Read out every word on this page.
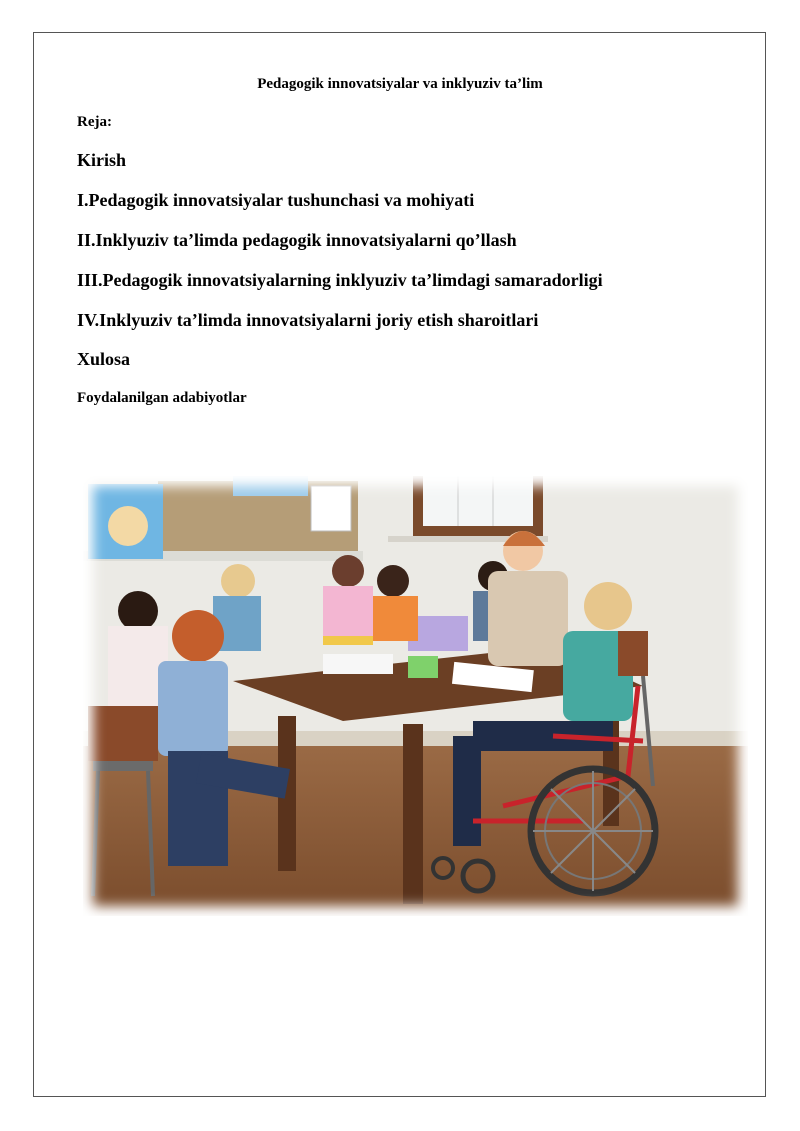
Pedagogik innovatsiyalar va inklyuziv ta’lim
Reja:
Kirish
I.Pedagogik innovatsiyalar tushunchasi va mohiyati
II.Inklyuziv ta’limda pedagogik innovatsiyalarni qo’llash
III.Pedagogik innovatsiyalarning inklyuziv ta’limdagi samaradorligi
IV.Inklyuziv ta’limda innovatsiyalarni joriy etish sharoitlari
Xulosa
Foydalanilgan adabiyotlar
